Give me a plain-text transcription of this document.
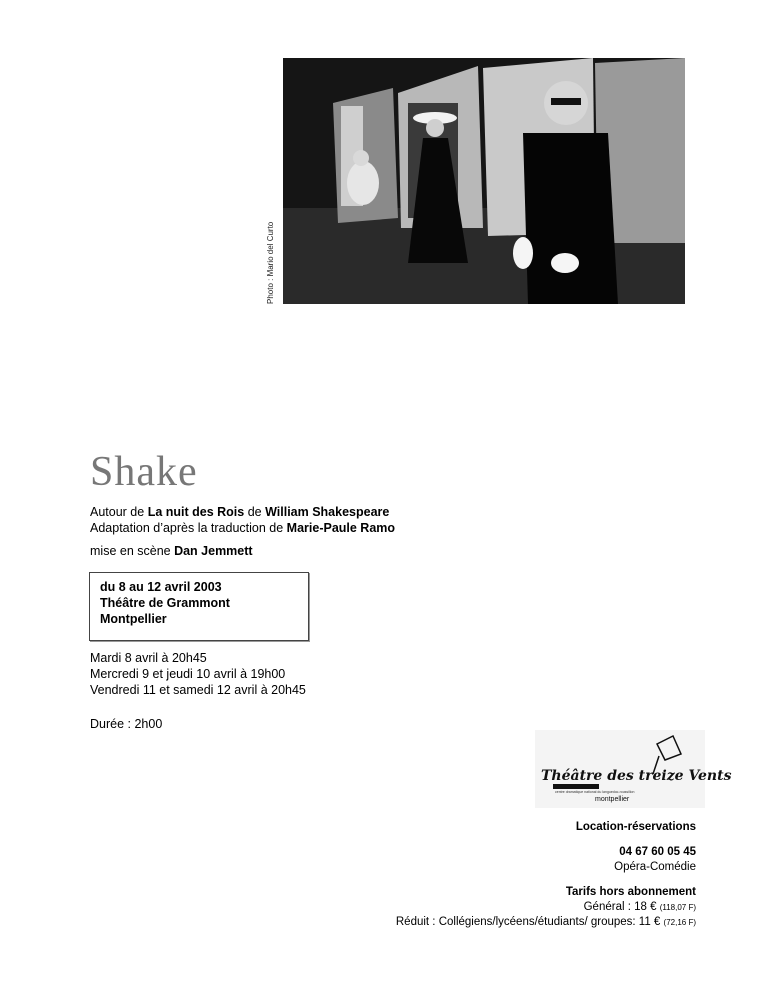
Photo : Mario del Curto
Shake

Autour de La nuit des Rois de William Shakespeare

Adaptation d’après la traduction de Marie-Paule Ramo

mise en scène Dan Jemmett
du 8 au 12 avril 2003
Théâtre de Grammont
Montpellier

Mardi 8 avril à 20h45

Mercredi 9 et jeudi 10 avril à 19h00

Vendredi 11 et samedi 12 avril à 20h45

Durée : 2h00
Théâtre des treize Vents
centre dramatique national du languedoc-roussillon
montpellier

Location-réservations

04 67 60 05 45

Opéra-Comédie

Tarifs hors abonnement

Général : 18 € (118,07 F)

Réduit : Collégiens/lycéens/étudiants/ groupes: 11 € (72,16 F)
